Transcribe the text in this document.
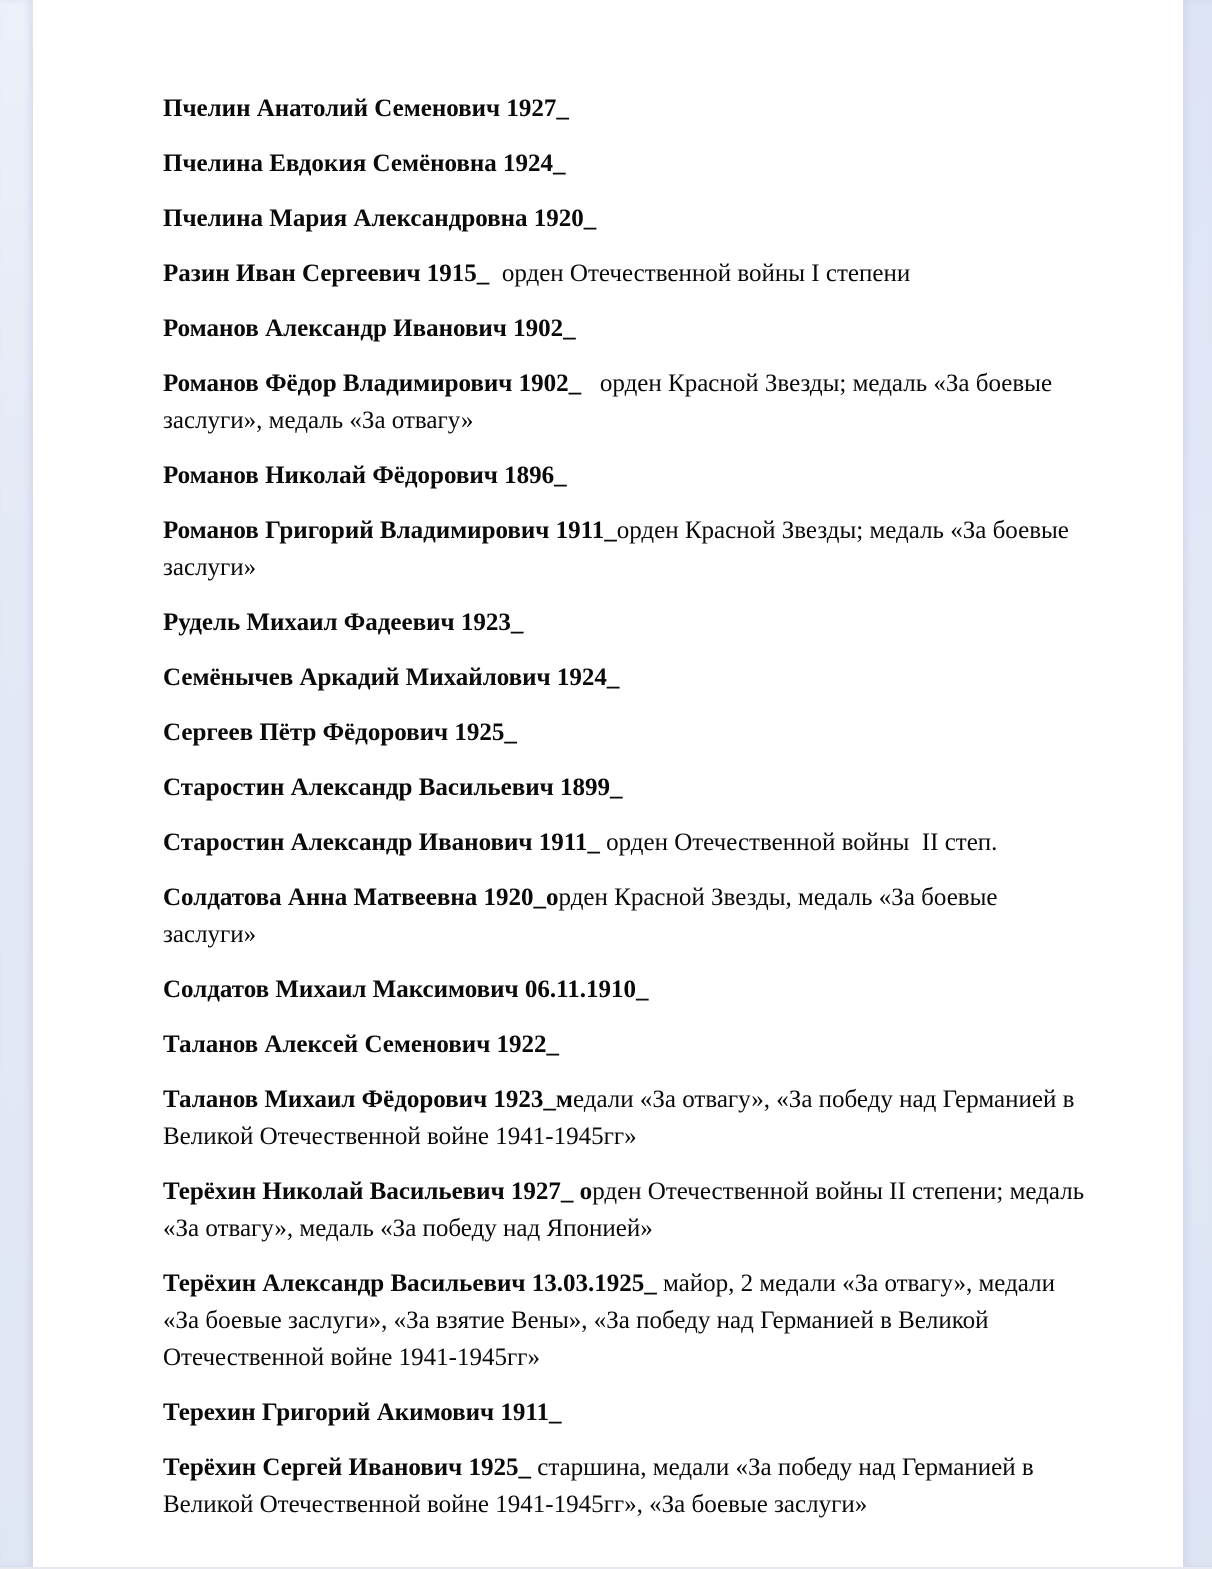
Пчелин Анатолий Семенович 1927_

Пчелина Евдокия Семёновна 1924_

Пчелина Мария Александровна 1920_

Разин Иван Сергеевич 1915_  орден Отечественной войны I степени

Романов Александр Иванович 1902_

Романов Фёдор Владимирович 1902_   орден Красной Звезды; медаль «За боевые заслуги», медаль «За отвагу»

Романов Николай Фёдорович 1896_

Романов Григорий Владимирович 1911_орден Красной Звезды; медаль «За боевые заслуги»

Рудель Михаил Фадеевич 1923_

Семёнычев Аркадий Михайлович 1924_

Сергеев Пётр Фёдорович 1925_

Старостин Александр Васильевич 1899_

Старостин Александр Иванович 1911_ орден Отечественной войны  II степ.

Солдатова Анна Матвеевна 1920_орден Красной Звезды, медаль «За боевые заслуги»

Солдатов Михаил Максимович 06.11.1910_

Таланов Алексей Семенович 1922_

Таланов Михаил Фёдорович 1923_медали «За отвагу», «За победу над Германией в Великой Отечественной войне 1941-1945гг»

Терёхин Николай Васильевич 1927_ орден Отечественной войны II степени; медаль «За отвагу», медаль «За победу над Японией»

Терёхин Александр Васильевич 13.03.1925_ майор, 2 медали «За отвагу», медали «За боевые заслуги», «За взятие Вены», «За победу над Германией в Великой Отечественной войне 1941-1945гг»

Терехин Григорий Акимович 1911_

Терёхин Сергей Иванович 1925_ старшина, медали «За победу над Германией в Великой Отечественной войне 1941-1945гг», «За боевые заслуги»
